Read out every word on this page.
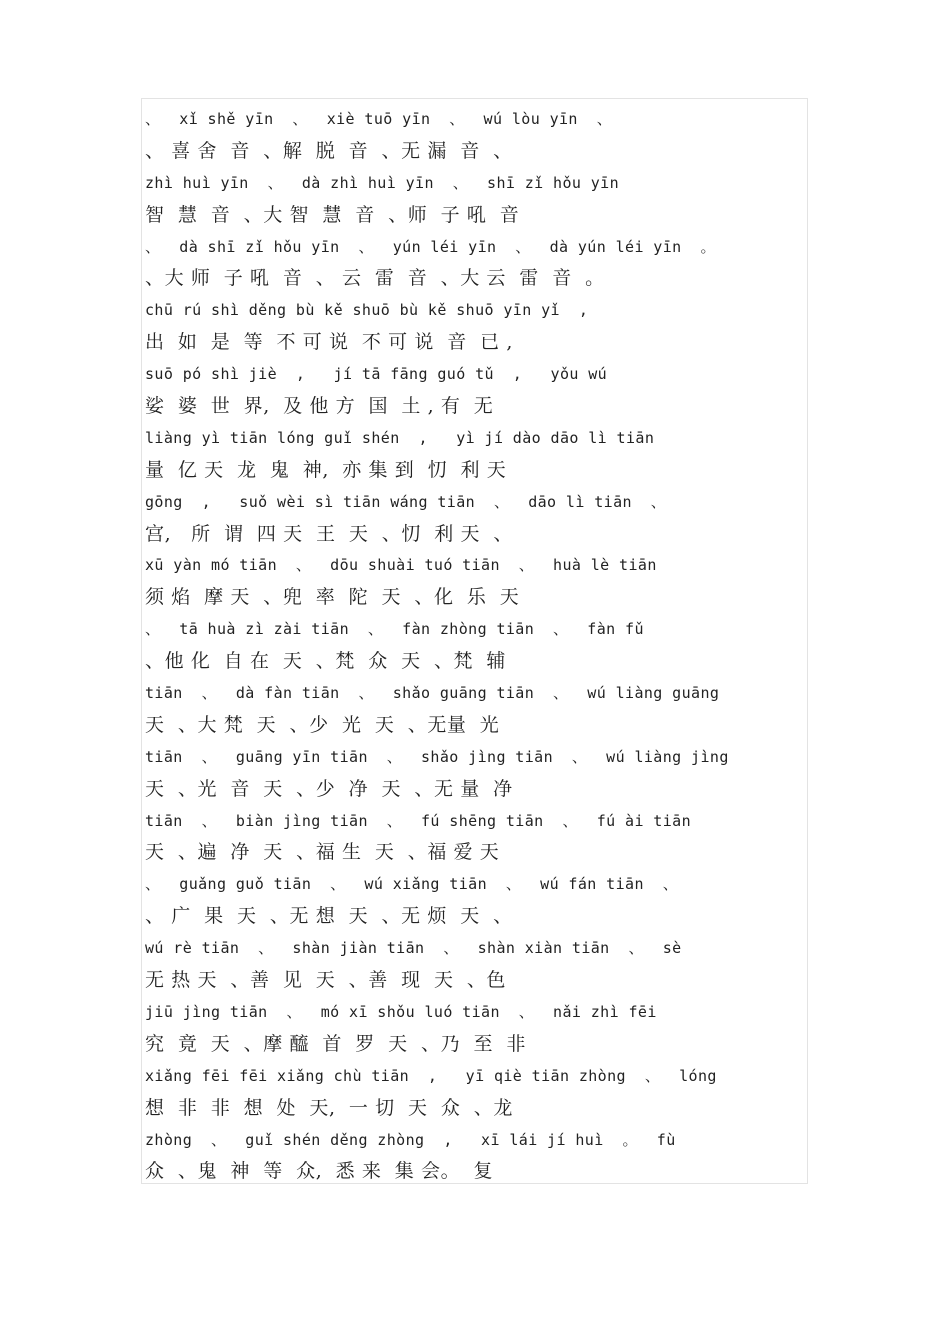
、  xǐ shě yīn  、  xiè tuō yīn  、  wú lòu yīn  、
、 喜 舍  音  、解  脱  音  、无 漏  音  、
zhì huì yīn  、  dà zhì huì yīn  、  shī zǐ hǒu yīn
智  慧  音  、大 智  慧  音  、师  子 吼  音
、  dà shī zǐ hǒu yīn  、  yún léi yīn  、  dà yún léi yīn  。
、大 师  子 吼  音  、 云  雷  音  、大 云  雷  音  。
chū rú shì děng bù kě shuō bù kě shuō yīn yǐ  ,
出  如  是  等  不 可 说  不 可 说  音  已 ,
suō pó shì jiè  ,   jí tā fāng guó tǔ  ,   yǒu wú
娑  婆  世  界,  及 他 方  国  土 , 有  无
liàng yì tiān lóng guǐ shén  ,   yì jí dào dāo lì tiān
量  亿 天  龙  鬼  神,  亦 集 到  忉  利 天
gōng  ,   suǒ wèi sì tiān wáng tiān  、  dāo lì tiān  、
宫,   所  谓  四 天  王  天  、忉  利 天  、
xū yàn mó tiān  、  dōu shuài tuó tiān  、  huà lè tiān
须 焰  摩 天  、兜  率  陀  天  、化  乐  天
、  tā huà zì zài tiān  、  fàn zhòng tiān  、  fàn fǔ
、他 化  自 在  天  、梵  众  天  、梵  辅
tiān  、  dà fàn tiān  、  shǎo guāng tiān  、  wú liàng guāng
天  、大 梵  天  、少  光  天  、无量  光
tiān  、  guāng yīn tiān  、  shǎo jìng tiān  、  wú liàng jìng
天  、光  音  天  、少  净  天  、无 量  净
tiān  、  biàn jìng tiān  、  fú shēng tiān  、  fú ài tiān
天  、遍  净  天  、福 生  天  、福 爱 天
、  guǎng guǒ tiān  、  wú xiǎng tiān  、  wú fán tiān  、
、 广  果  天  、无 想  天  、无 烦  天  、
wú rè tiān  、  shàn jiàn tiān  、  shàn xiàn tiān  、  sè
无 热 天  、善  见  天  、善  现  天  、色
jiū jìng tiān  、  mó xī shǒu luó tiān  、  nǎi zhì fēi
究  竟  天  、摩 醯  首  罗  天  、乃  至  非
xiǎng fēi fēi xiǎng chù tiān  ,   yī qiè tiān zhòng  、  lóng
想  非  非  想  处  天,  一 切  天  众  、龙
zhòng  、  guǐ shén děng zhòng  ,   xī lái jí huì  。  fù
众  、鬼  神  等  众,  悉 来  集 会。  复
